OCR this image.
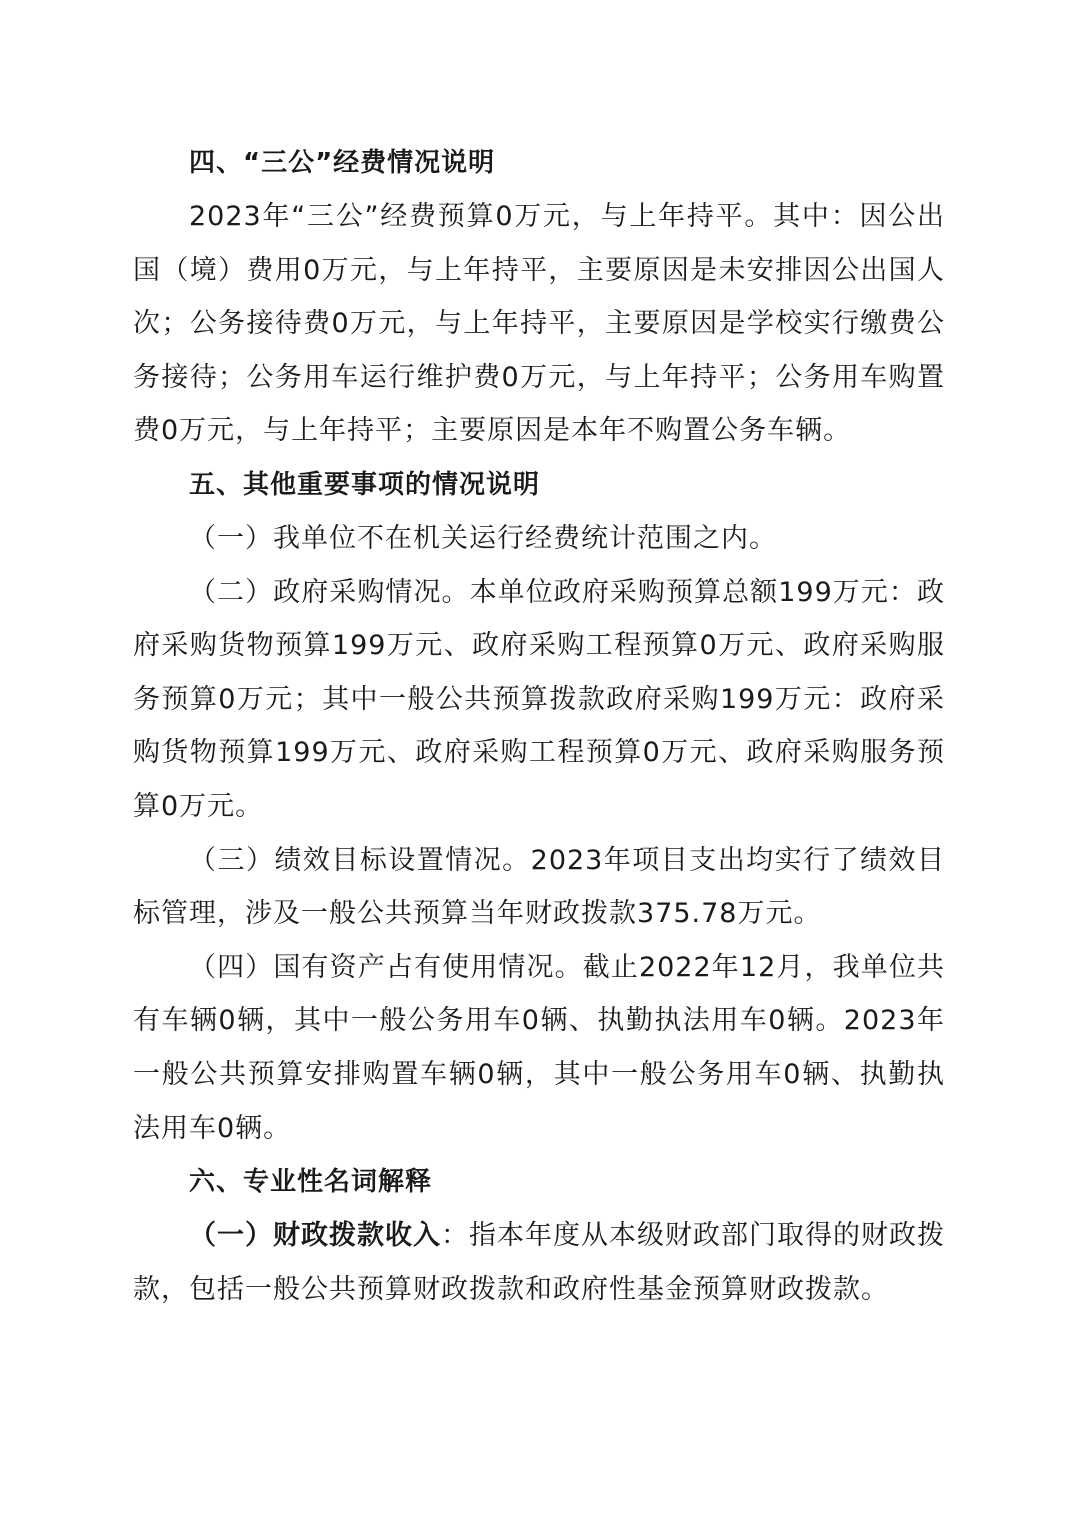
四、“三公”经费情况说明

2023年“三公”经费预算0万元，与上年持平。其中：因公出国（境）费用0万元，与上年持平，主要原因是未安排因公出国人次；公务接待费0万元，与上年持平，主要原因是学校实行缴费公务接待；公务用车运行维护费0万元，与上年持平；公务用车购置费0万元，与上年持平；主要原因是本年不购置公务车辆。

五、其他重要事项的情况说明

（一）我单位不在机关运行经费统计范围之内。

（二）政府采购情况。本单位政府采购预算总额199万元：政府采购货物预算199万元、政府采购工程预算0万元、政府采购服务预算0万元；其中一般公共预算拨款政府采购199万元：政府采购货物预算199万元、政府采购工程预算0万元、政府采购服务预算0万元。

（三）绩效目标设置情况。2023年项目支出均实行了绩效目标管理，涉及一般公共预算当年财政拨款375.78万元。

（四）国有资产占有使用情况。截止2022年12月，我单位共有车辆0辆，其中一般公务用车0辆、执勤执法用车0辆。2023年一般公共预算安排购置车辆0辆，其中一般公务用车0辆、执勤执法用车0辆。

六、专业性名词解释

（一）财政拨款收入：指本年度从本级财政部门取得的财政拨款，包括一般公共预算财政拨款和政府性基金预算财政拨款。
